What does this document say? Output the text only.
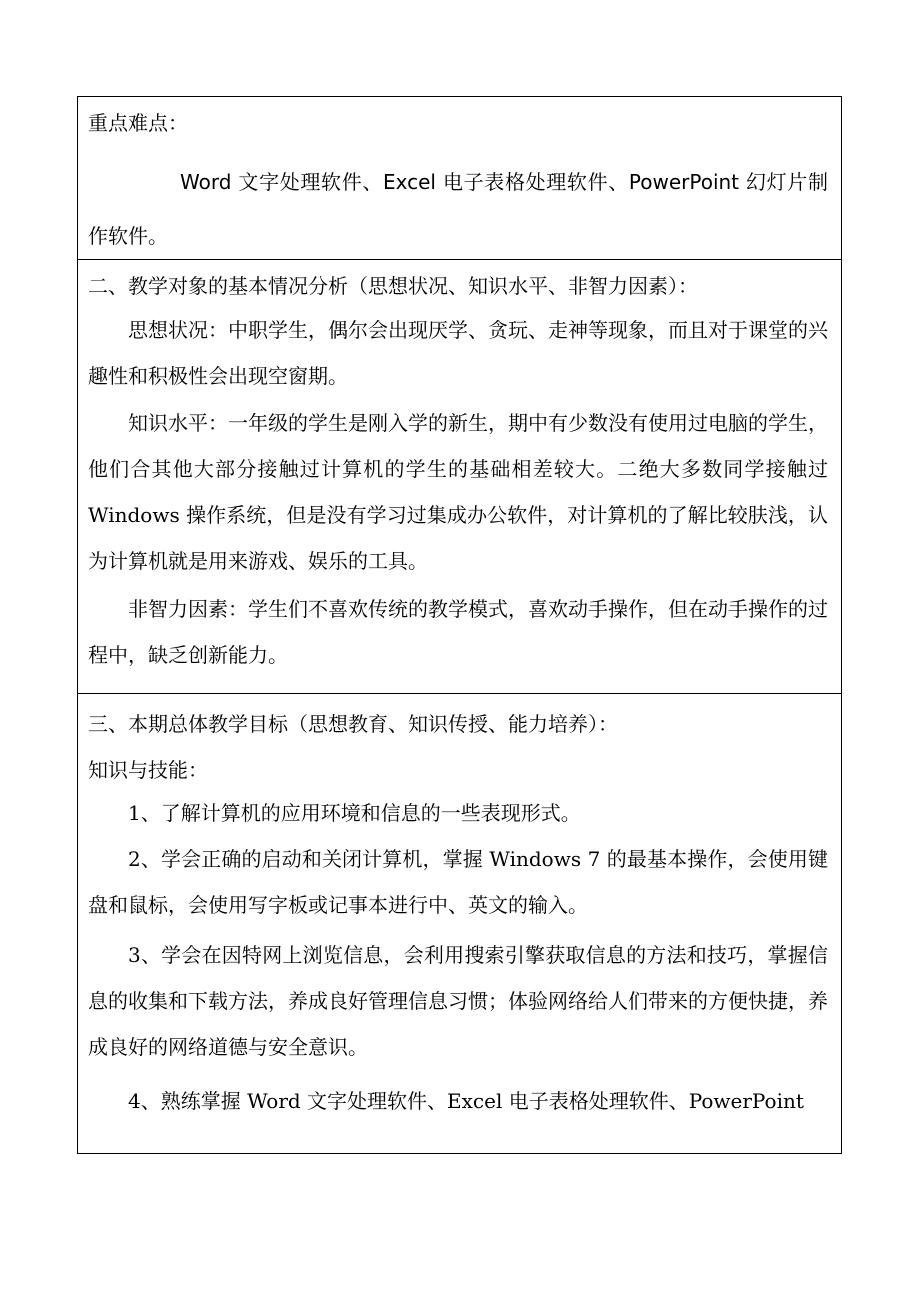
重点难点：

Word 文字处理软件、Excel 电子表格处理软件、PowerPoint 幻灯片制作软件。

二、教学对象的基本情况分析（思想状况、知识水平、非智力因素）：

思想状况：中职学生，偶尔会出现厌学、贪玩、走神等现象，而且对于课堂的兴趣性和积极性会出现空窗期。

知识水平：一年级的学生是刚入学的新生，期中有少数没有使用过电脑的学生，他们合其他大部分接触过计算机的学生的基础相差较大。二绝大多数同学接触过 Windows 操作系统，但是没有学习过集成办公软件，对计算机的了解比较肤浅，认为计算机就是用来游戏、娱乐的工具。

非智力因素：学生们不喜欢传统的教学模式，喜欢动手操作，但在动手操作的过程中，缺乏创新能力。

三、本期总体教学目标（思想教育、知识传授、能力培养）：
知识与技能：

1、了解计算机的应用环境和信息的一些表现形式。

2、学会正确的启动和关闭计算机，掌握 Windows 7 的最基本操作，会使用键盘和鼠标，会使用写字板或记事本进行中、英文的输入。

3、学会在因特网上浏览信息，会利用搜索引擎获取信息的方法和技巧，掌握信息的收集和下载方法，养成良好管理信息习惯；体验网络给人们带来的方便快捷，养成良好的网络道德与安全意识。

4、熟练掌握 Word 文字处理软件、Excel 电子表格处理软件、PowerPoint
